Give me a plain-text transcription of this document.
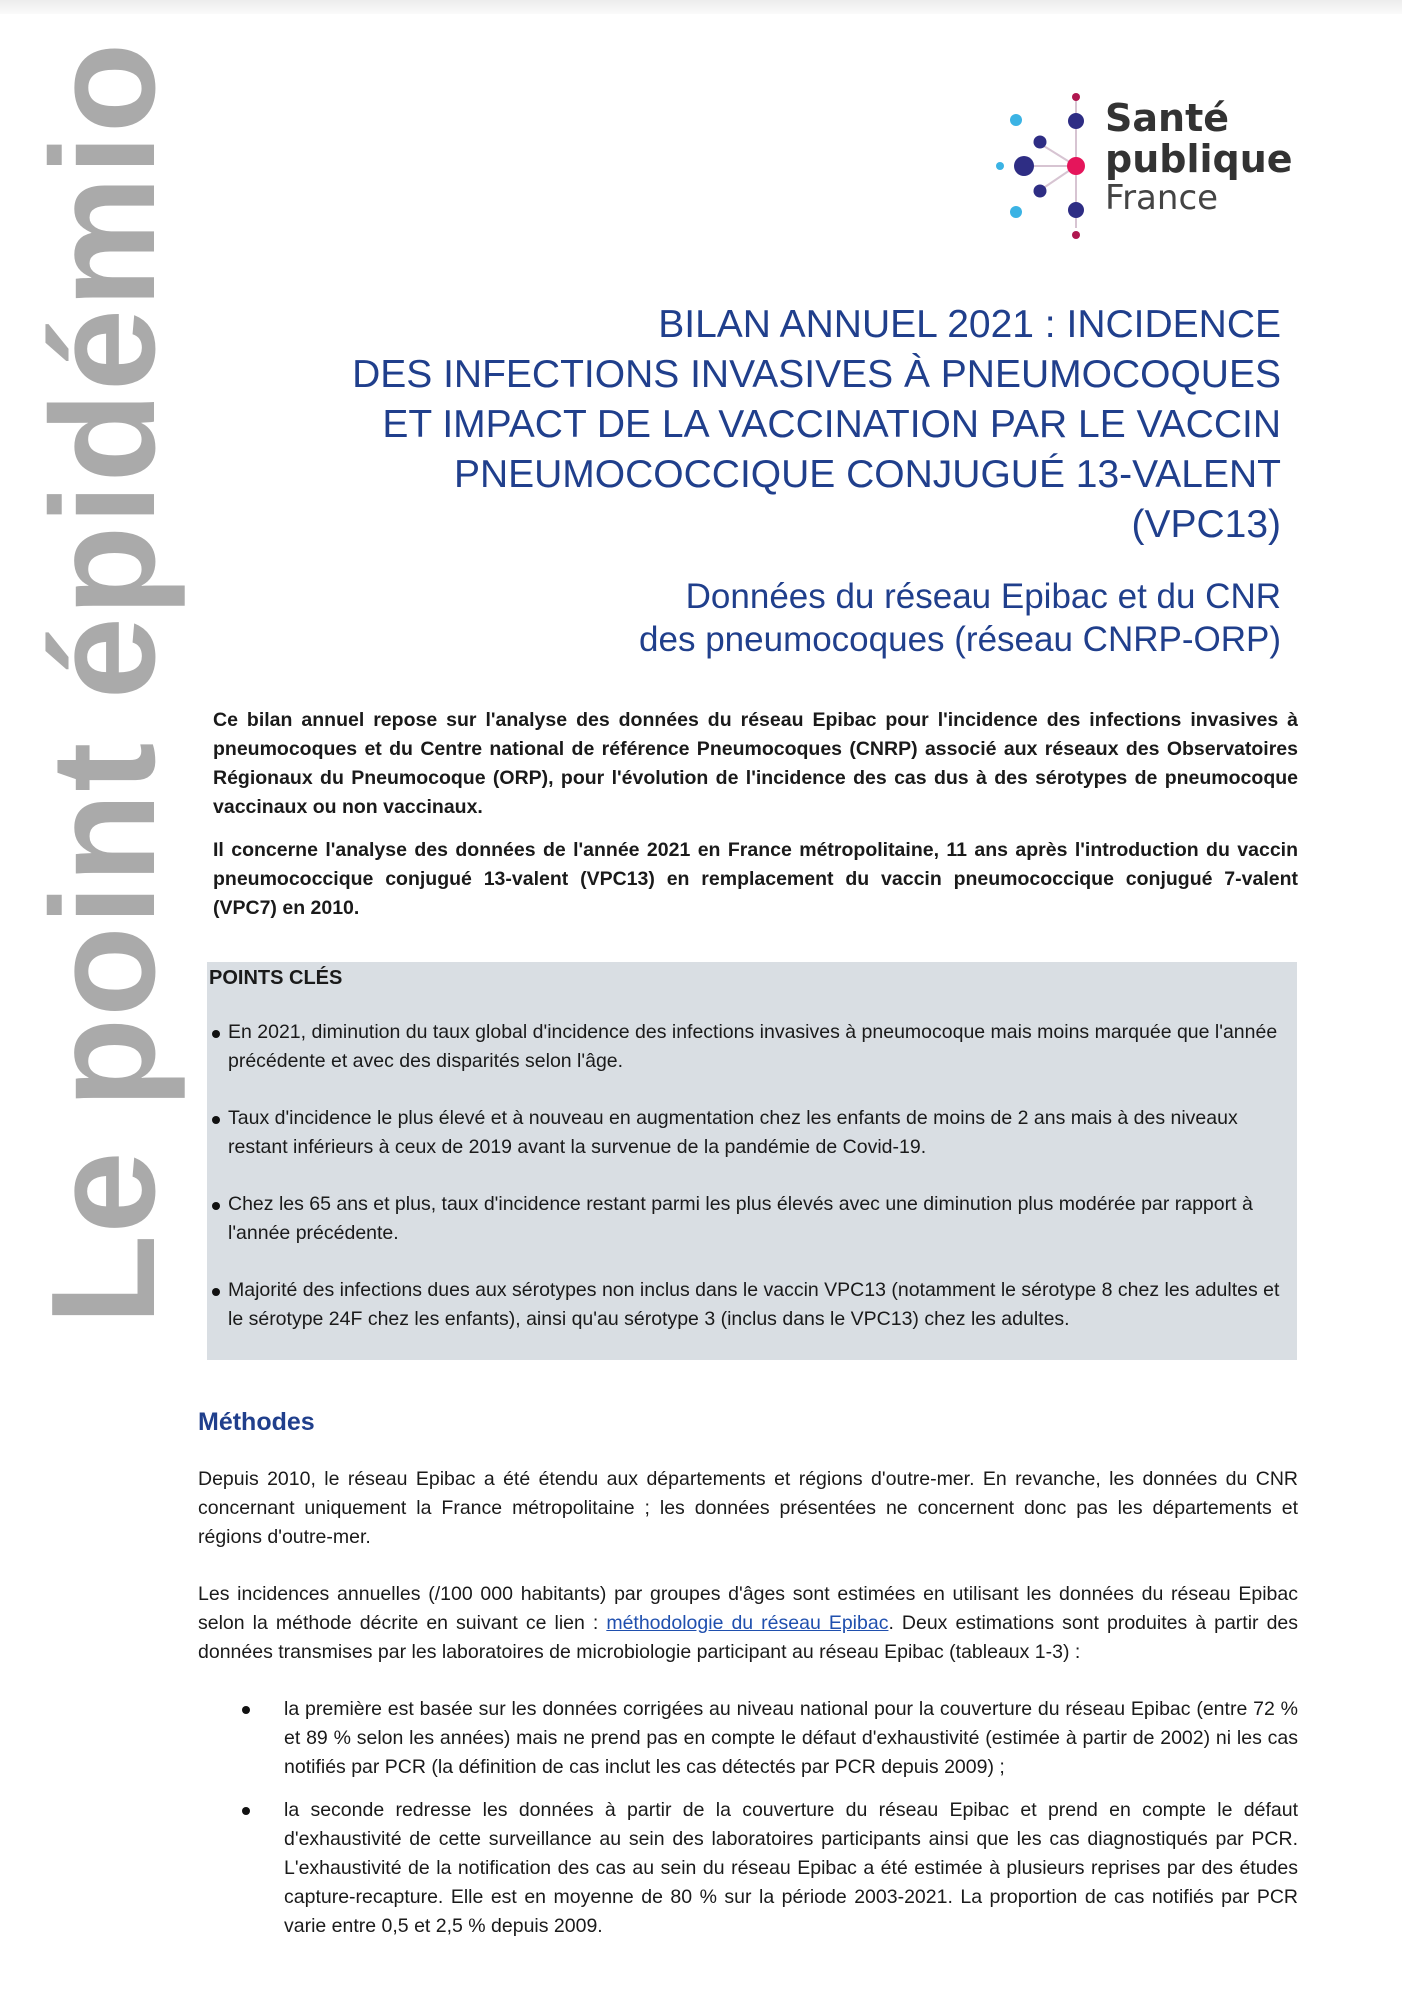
Le point épidémio	Santé
publique
France
BILAN ANNUEL 2021 : INCIDENCE
DES INFECTIONS INVASIVES À PNEUMOCOQUES
ET IMPACT DE LA VACCINATION PAR LE VACCIN
PNEUMOCOCCIQUE CONJUGUÉ 13-VALENT
(VPC13)
Données du réseau Epibac et du CNR
des pneumocoques (réseau CNRP-ORP)

Ce bilan annuel repose sur l'analyse des données du réseau Epibac pour l'incidence des infections invasives à pneumocoques et du Centre national de référence Pneumocoques (CNRP) associé aux réseaux des Observatoires Régionaux du Pneumocoque (ORP), pour l'évolution de l'incidence des cas dus à des sérotypes de pneumocoque vaccinaux ou non vaccinaux.

Il concerne l'analyse des données de l'année 2021 en France métropolitaine, 11 ans après l'introduction du vaccin pneumococcique conjugué 13-valent (VPC13) en remplacement du vaccin pneumococcique conjugué 7-valent (VPC7) en 2010.

POINTS CLÉS
En 2021, diminution du taux global d'incidence des infections invasives à pneumocoque mais moins marquée que l'année précédente et avec des disparités selon l'âge.
Taux d'incidence le plus élevé et à nouveau en augmentation chez les enfants de moins de 2 ans mais à des niveaux restant inférieurs à ceux de 2019 avant la survenue de la pandémie de Covid-19.
Chez les 65 ans et plus, taux d'incidence restant parmi les plus élevés avec une diminution plus modérée par rapport à l'année précédente.
Majorité des infections dues aux sérotypes non inclus dans le vaccin VPC13 (notamment le sérotype 8 chez les adultes et le sérotype 24F chez les enfants), ainsi qu'au sérotype 3 (inclus dans le VPC13) chez les adultes.
Méthodes

Depuis 2010, le réseau Epibac a été étendu aux départements et régions d'outre-mer. En revanche, les données du CNR concernant uniquement la France métropolitaine ; les données présentées ne concernent donc pas les départements et régions d'outre-mer.

Les incidences annuelles (/100 000 habitants) par groupes d'âges sont estimées en utilisant les données du réseau Epibac selon la méthode décrite en suivant ce lien : méthodologie du réseau Epibac. Deux estimations sont produites à partir des données transmises par les laboratoires de microbiologie participant au réseau Epibac (tableaux 1-3) :

la première est basée sur les données corrigées au niveau national pour la couverture du réseau Epibac (entre 72 % et 89 % selon les années) mais ne prend pas en compte le défaut d'exhaustivité (estimée à partir de 2002) ni les cas notifiés par PCR (la définition de cas inclut les cas détectés par PCR depuis 2009) ;
la seconde redresse les données à partir de la couverture du réseau Epibac et prend en compte le défaut d'exhaustivité de cette surveillance au sein des laboratoires participants ainsi que les cas diagnostiqués par PCR. L'exhaustivité de la notification des cas au sein du réseau Epibac a été estimée à plusieurs reprises par des études capture-recapture. Elle est en moyenne de 80 % sur la période 2003-2021. La proportion de cas notifiés par PCR varie entre 0,5 et 2,5 % depuis 2009.
